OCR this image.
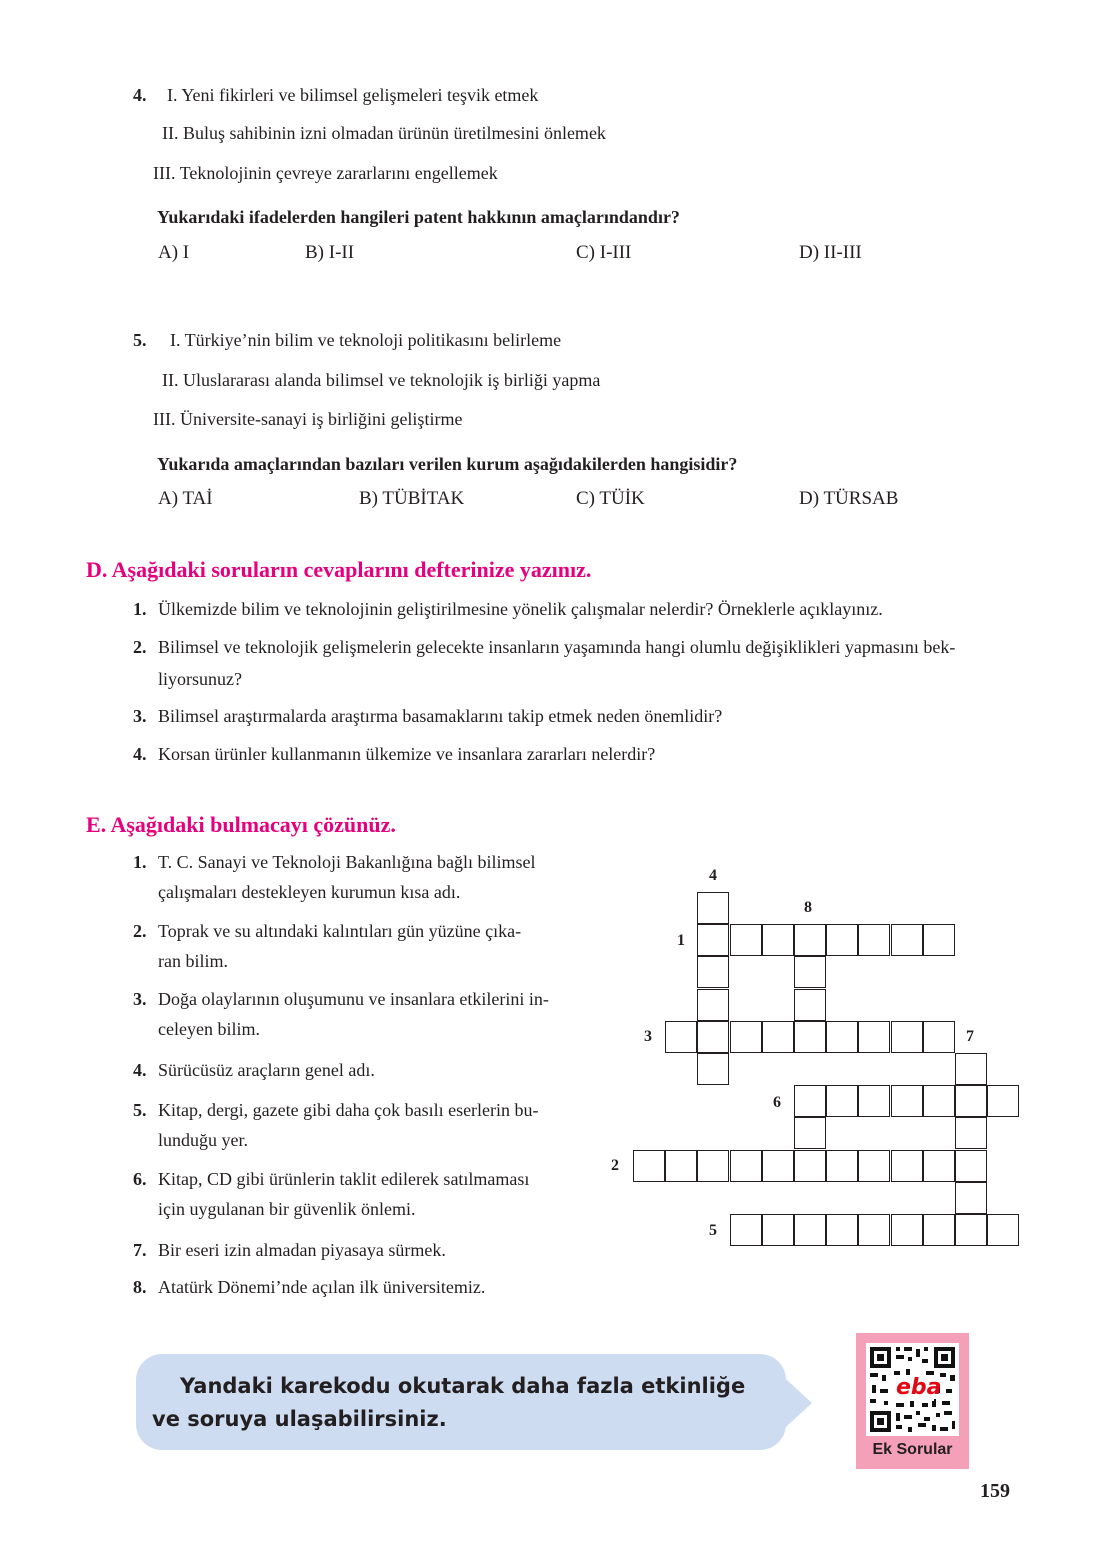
4. I. Yeni fikirleri ve bilimsel gelişmeleri teşvik etmek
II. Buluş sahibinin izni olmadan ürünün üretilmesini önlemek
III. Teknolojinin çevreye zararlarını engellemek
Yukarıdaki ifadelerden hangileri patent hakkının amaçlarındandır?
A) I	B) I-II	C) I-III	D) II-III
5. I. Türkiye’nin bilim ve teknoloji politikasını belirleme
II. Uluslararası alanda bilimsel ve teknolojik iş birliği yapma
III. Üniversite-sanayi iş birliğini geliştirme
Yukarıda amaçlarından bazıları verilen kurum aşağıdakilerden hangisidir?
A) TAİ	B) TÜBİTAK	C) TÜİK	D) TÜRSAB
D. Aşağıdaki soruların cevaplarını defterinize yazınız.
1. Ülkemizde bilim ve teknolojinin geliştirilmesine yönelik çalışmalar nelerdir? Örneklerle açıklayınız.
2. Bilimsel ve teknolojik gelişmelerin gelecekte insanların yaşamında hangi olumlu değişiklikleri yapmasını bek-
liyorsunuz?
3. Bilimsel araştırmalarda araştırma basamaklarını takip etmek neden önemlidir?
4. Korsan ürünler kullanmanın ülkemize ve insanlara zararları nelerdir?
E. Aşağıdaki bulmacayı çözünüz.
1. T. C. Sanayi ve Teknoloji Bakanlığına bağlı bilimsel
çalışmaları destekleyen kurumun kısa adı.
2. Toprak ve su altındaki kalıntıları gün yüzüne çıka-
ran bilim.
3. Doğa olaylarının oluşumunu ve insanlara etkilerini in-
celeyen bilim.
4. Sürücüsüz araçların genel adı.
5. Kitap, dergi, gazete gibi daha çok basılı eserlerin bu-
lunduğu yer.
6. Kitap, CD gibi ürünlerin taklit edilerek satılmaması
için uygulanan bir güvenlik önlemi.
7. Bir eseri izin almadan piyasaya sürmek.
8. Atatürk Dönemi’nde açılan ilk üniversitemiz.
4
8
1
3	7
6
2
5
Yandaki karekodu okutarak daha fazla etkinliğe
ve soruya ulaşabilirsiniz.
eba
Ek Sorular
159
